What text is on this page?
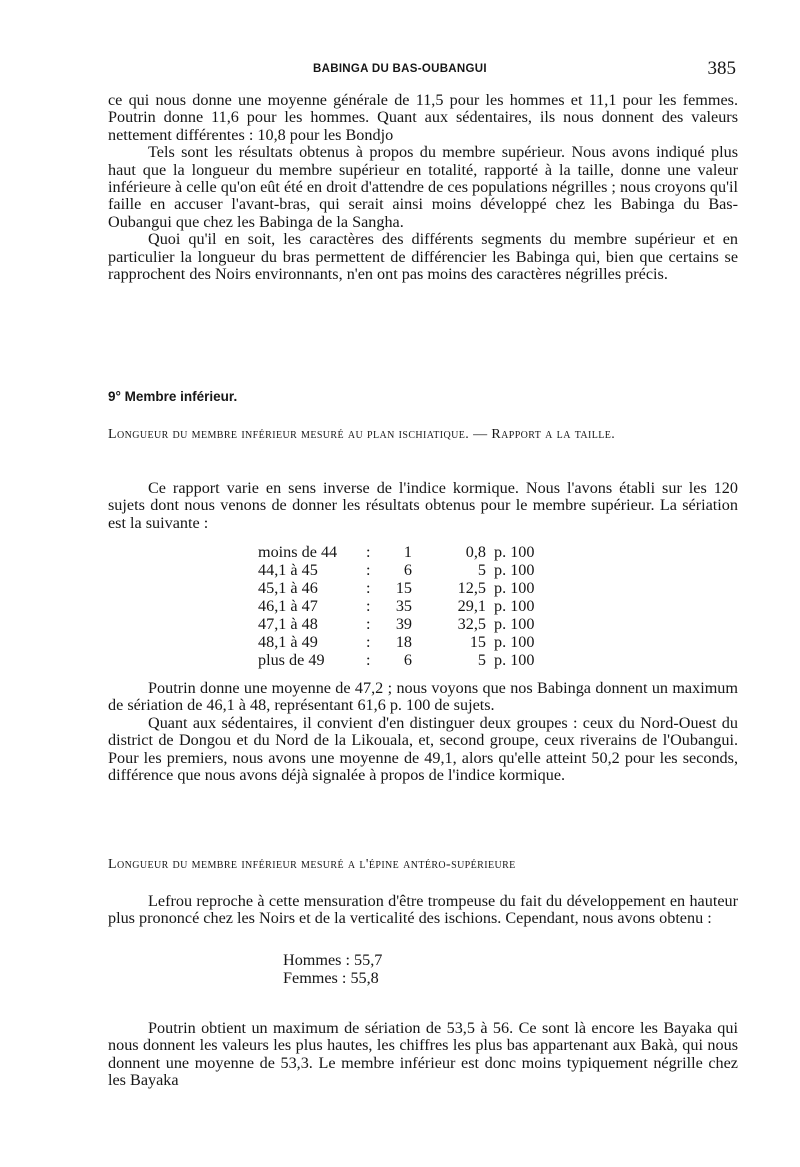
BABINGA DU BAS-OUBANGUI	385

ce qui nous donne une moyenne générale de 11,5 pour les hommes et 11,1 pour les femmes. Poutrin donne 11,6 pour les hommes. Quant aux sédentaires, ils nous donnent des valeurs nettement différentes : 10,8 pour les Bondjo

Tels sont les résultats obtenus à propos du membre supérieur. Nous avons indiqué plus haut que la longueur du membre supérieur en totalité, rapporté à la taille, donne une valeur inférieure à celle qu'on eût été en droit d'attendre de ces populations négrilles ; nous croyons qu'il faille en accuser l'avant-bras, qui serait ainsi moins développé chez les Babinga du Bas-Oubangui que chez les Babinga de la Sangha.

Quoi qu'il en soit, les caractères des différents segments du membre supérieur et en particulier la longueur du bras permettent de différencier les Babinga qui, bien que certains se rapprochent des Noirs environnants, n'en ont pas moins des caractères négrilles précis.

9° Membre inférieur.
Longueur du membre inférieur mesuré au plan ischiatique. — Rapport a la taille.

Ce rapport varie en sens inverse de l'indice kormique. Nous l'avons établi sur les 120 sujets dont nous venons de donner les résultats obtenus pour le membre supérieur. La sériation est la suivante :

moins de 44	:	1	0,8	p. 100
44,1 à 45	:	6	5	p. 100
45,1 à 46	:	15	12,5	p. 100
46,1 à 47	:	35	29,1	p. 100
47,1 à 48	:	39	32,5	p. 100
48,1 à 49	:	18	15	p. 100
plus de 49	:	6	5	p. 100

Poutrin donne une moyenne de 47,2 ; nous voyons que nos Babinga donnent un maximum de sériation de 46,1 à 48, représentant 61,6 p. 100 de sujets.

Quant aux sédentaires, il convient d'en distinguer deux groupes : ceux du Nord-Ouest du district de Dongou et du Nord de la Likouala, et, second groupe, ceux riverains de l'Oubangui. Pour les premiers, nous avons une moyenne de 49,1, alors qu'elle atteint 50,2 pour les seconds, différence que nous avons déjà signalée à propos de l'indice kormique.

Longueur du membre inférieur mesuré a l'épine antéro-supérieure

Lefrou reproche à cette mensuration d'être trompeuse du fait du développement en hauteur plus prononcé chez les Noirs et de la verticalité des ischions. Cependant, nous avons obtenu :

Hommes : 55,7
Femmes : 55,8

Poutrin obtient un maximum de sériation de 53,5 à 56. Ce sont là encore les Bayaka qui nous donnent les valeurs les plus hautes, les chiffres les plus bas appartenant aux Bakà, qui nous donnent une moyenne de 53,3. Le membre inférieur est donc moins typiquement négrille chez les Bayaka
